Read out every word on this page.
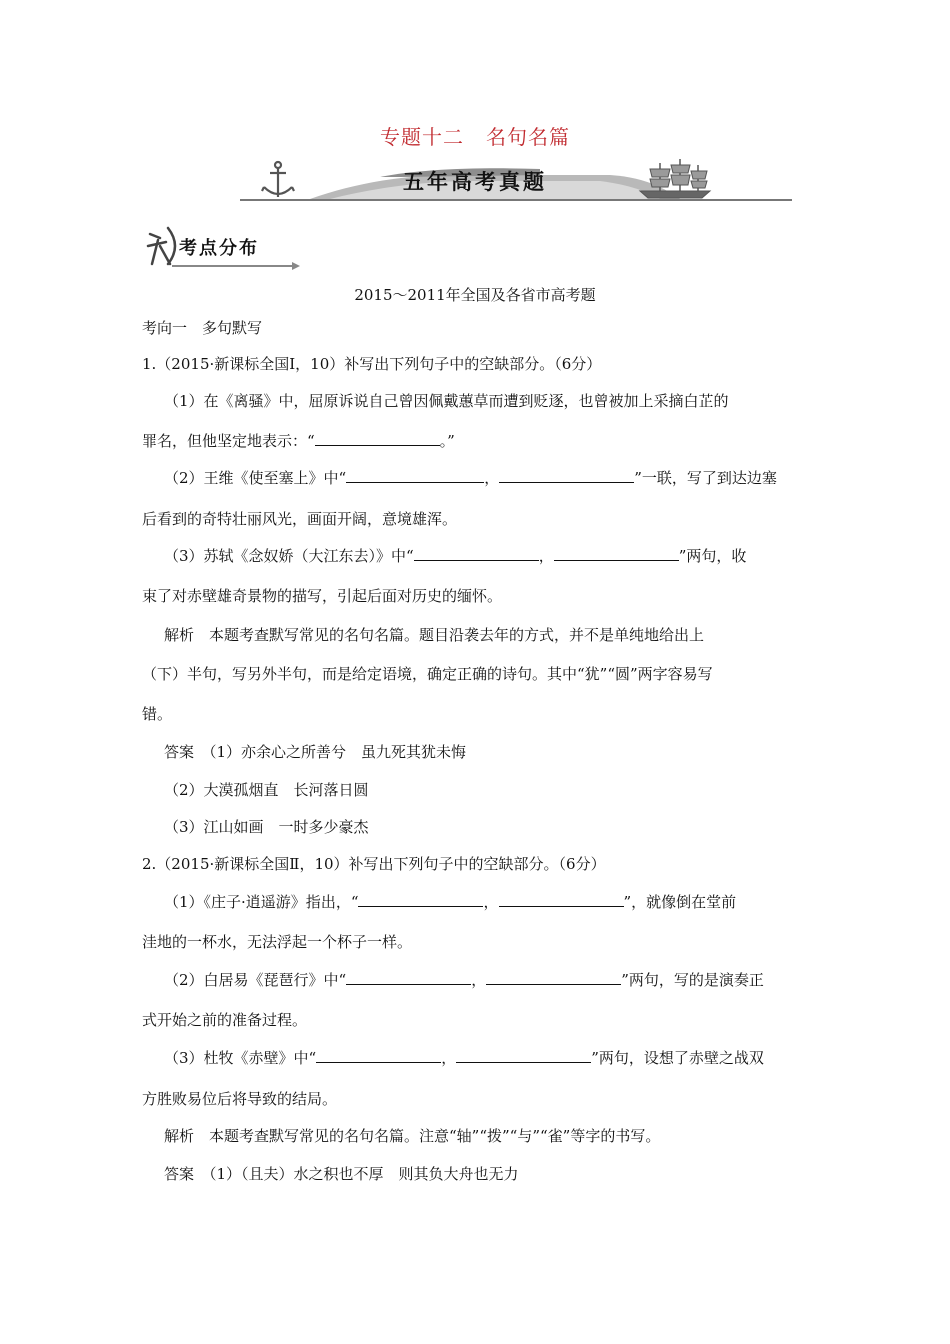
专题十二 名句名篇
五年高考真题
考点分布
2015～2011年全国及各省市高考题
考向一　多句默写
1.（2015·新课标全国Ⅰ，10）补写出下列句子中的空缺部分。（6分）
（1）在《离骚》中，屈原诉说自己曾因佩戴蕙草而遭到贬逐，也曾被加上采摘白芷的
罪名，但他坚定地表示：“	。”
（2）王维《使至塞上》中“	，	”一联，写了到达边塞
后看到的奇特壮丽风光，画面开阔，意境雄浑。
（3）苏轼《念奴娇（大江东去）》中“	，	”两句，收
束了对赤壁雄奇景物的描写，引起后面对历史的缅怀。
解析　本题考查默写常见的名句名篇。题目沿袭去年的方式，并不是单纯地给出上
（下）半句，写另外半句，而是给定语境，确定正确的诗句。其中“犹”“圆”两字容易写
错。
答案　（1）亦余心之所善兮　虽九死其犹未悔
（2）大漠孤烟直　长河落日圆
（3）江山如画　一时多少豪杰
2.（2015·新课标全国Ⅱ，10）补写出下列句子中的空缺部分。（6分）
（1）《庄子·逍遥游》指出，“	，	”，就像倒在堂前
洼地的一杯水，无法浮起一个杯子一样。
（2）白居易《琵琶行》中“	，	”两句，写的是演奏正
式开始之前的准备过程。
（3）杜牧《赤壁》中“	，	”两句，设想了赤壁之战双
方胜败易位后将导致的结局。
解析　本题考查默写常见的名句名篇。注意“轴”“拨”“与”“雀”等字的书写。
答案　（1）（且夫）水之积也不厚　则其负大舟也无力
